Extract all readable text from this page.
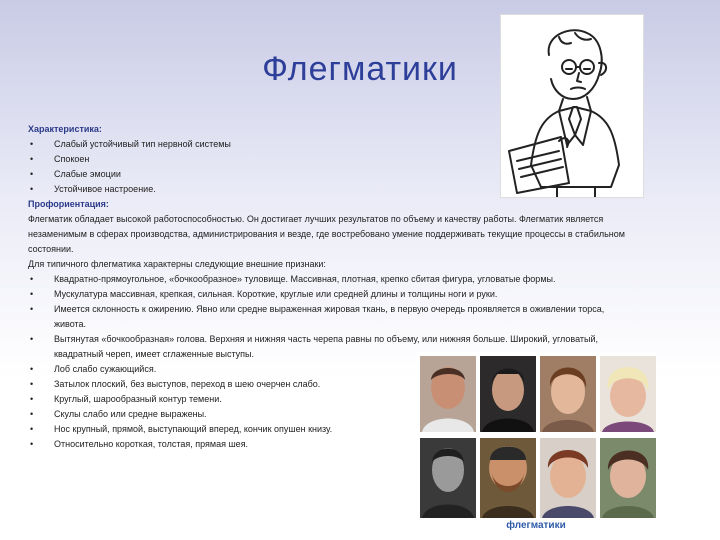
Флегматики
Характеристика:
• Слабый устойчивый тип нервной системы
• Спокоен
• Слабые эмоции
• Устойчивое настроение.
Профориентация:

Флегматик обладает высокой работоспособностью. Он достигает лучших результатов по объему и качеству работы. Флегматик является незаменимым в сферах производства, администрирования и везде, где востребовано умение поддерживать текущие процессы в стабильном состоянии.

Для типичного флегматика характерны следующие внешние признаки:
• Квадратно-прямоугольное, «бочкообразное» туловище. Массивная, плотная, крепко сбитая фигура, угловатые формы.
• Мускулатура массивная, крепкая, сильная. Короткие, круглые или средней длины и толщины ноги и руки.
• Имеется склонность к ожирению. Явно или средне выраженная жировая ткань, в первую очередь проявляется в оживлении торса, живота.
• Вытянутая «бочкообразная» голова. Верхняя и нижняя часть черепа равны по объему, или нижняя больше. Широкий, угловатый, квадратный череп, имеет сглаженные выступы.
• Лоб слабо сужающийся.
• Затылок плоский, без выступов, переход в шею очерчен слабо.
• Круглый, шарообразный контур темени.
• Скулы слабо или средне выражены.
• Нос крупный, прямой, выступающий вперед, кончик опушен книзу.
• Относительно короткая, толстая, прямая шея.
флегматики
